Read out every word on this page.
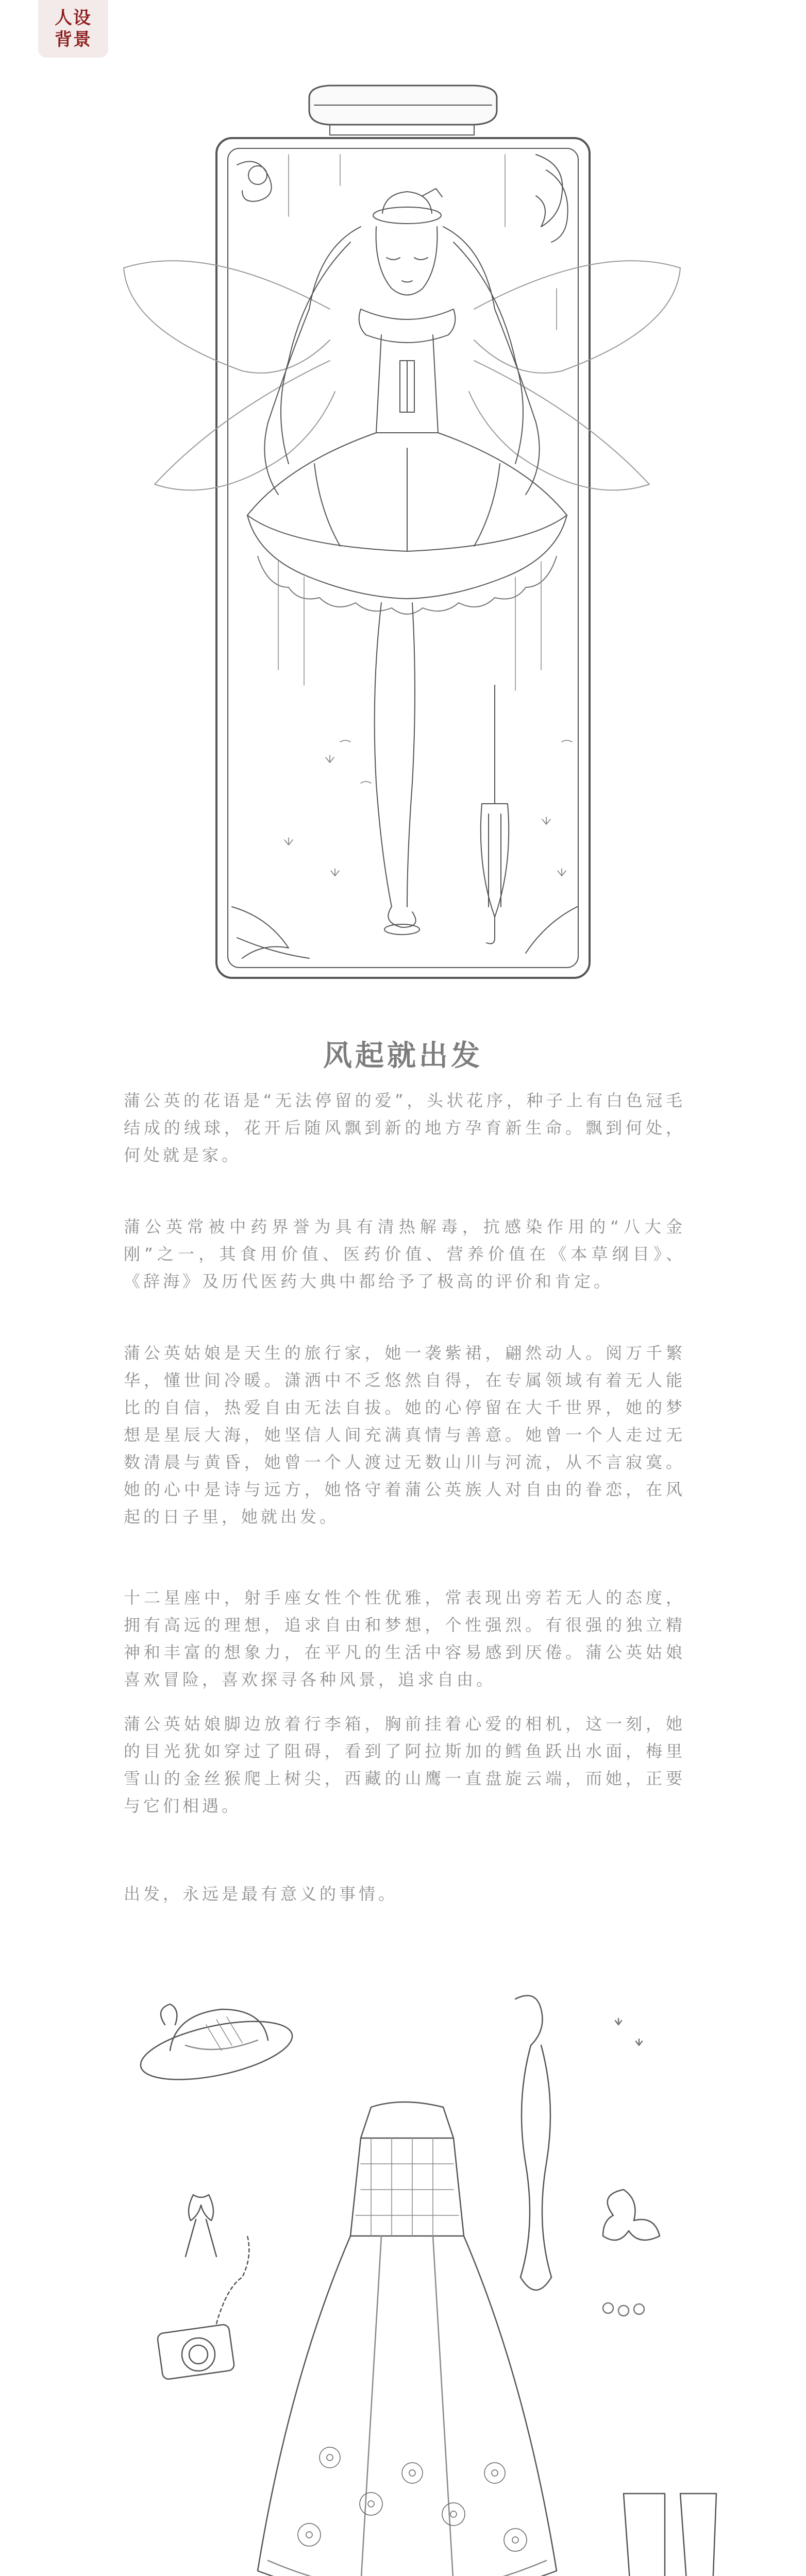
人设
背景
风起就出发

蒲公英的花语是“无法停留的爱”，头状花序，种子上有白色冠毛结成的绒球，花开后随风飘到新的地方孕育新生命。飘到何处，何处就是家。

蒲公英常被中药界誉为具有清热解毒，抗感染作用的“八大金刚”之一，其食用价值、医药价值、营养价值在《本草纲目》、《辞海》及历代医药大典中都给予了极高的评价和肯定。

蒲公英姑娘是天生的旅行家，她一袭紫裙，翩然动人。阅万千繁华，懂世间冷暖。潇洒中不乏悠然自得，在专属领域有着无人能比的自信，热爱自由无法自拔。她的心停留在大千世界，她的梦想是星辰大海，她坚信人间充满真情与善意。她曾一个人走过无数清晨与黄昏，她曾一个人渡过无数山川与河流，从不言寂寞。她的心中是诗与远方，她恪守着蒲公英族人对自由的眷恋，在风起的日子里，她就出发。

十二星座中，射手座女性个性优雅，常表现出旁若无人的态度，拥有高远的理想，追求自由和梦想，个性强烈。有很强的独立精神和丰富的想象力，在平凡的生活中容易感到厌倦。蒲公英姑娘喜欢冒险，喜欢探寻各种风景，追求自由。

蒲公英姑娘脚边放着行李箱，胸前挂着心爱的相机，这一刻，她的目光犹如穿过了阻碍，看到了阿拉斯加的鳕鱼跃出水面，梅里雪山的金丝猴爬上树尖，西藏的山鹰一直盘旋云端，而她，正要与它们相遇。

出发，永远是最有意义的事情。
